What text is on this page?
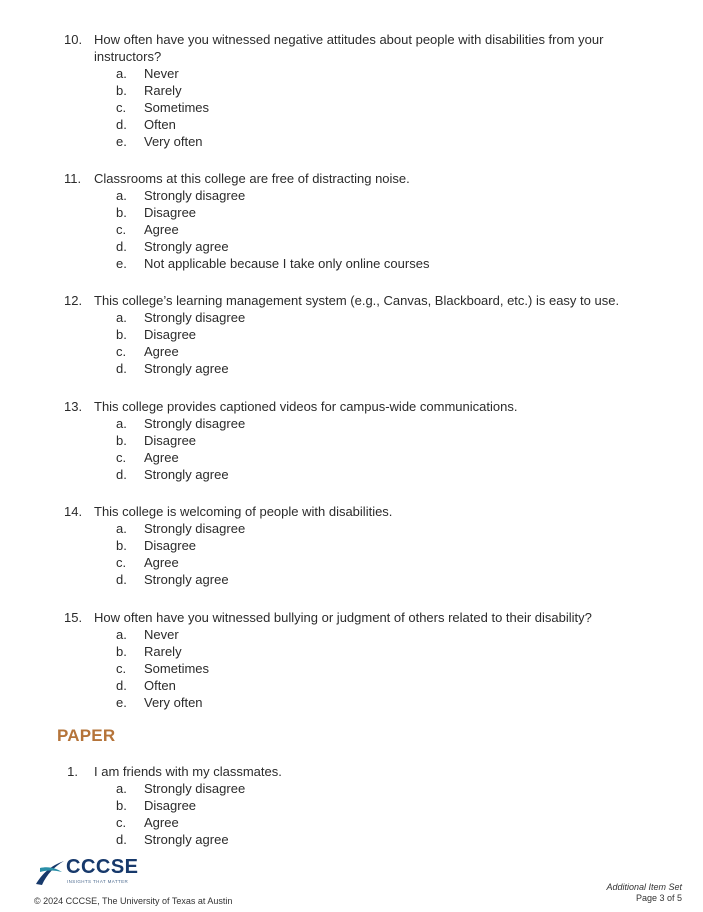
10. How often have you witnessed negative attitudes about people with disabilities from your instructors?
a.	Never
b.	Rarely
c.	Sometimes
d.	Often
e.	Very often
11. Classrooms at this college are free of distracting noise.
a.	Strongly disagree
b.	Disagree
c.	Agree
d.	Strongly agree
e.	Not applicable because I take only online courses
12. This college’s learning management system (e.g., Canvas, Blackboard, etc.) is easy to use.
a.	Strongly disagree
b.	Disagree
c.	Agree
d.	Strongly agree
13. This college provides captioned videos for campus-wide communications.
a.	Strongly disagree
b.	Disagree
c.	Agree
d.	Strongly agree
14. This college is welcoming of people with disabilities.
a.	Strongly disagree
b.	Disagree
c.	Agree
d.	Strongly agree
15. How often have you witnessed bullying or judgment of others related to their disability?
a.	Never
b.	Rarely
c.	Sometimes
d.	Often
e.	Very often
PAPER
1.	I am friends with my classmates.
a.	Strongly disagree
b.	Disagree
c.	Agree
d.	Strongly agree
CCCSE
INSIGHTS THAT MATTER
© 2024 CCCSE, The University of Texas at Austin
Additional Item Set
Page 3 of 5
